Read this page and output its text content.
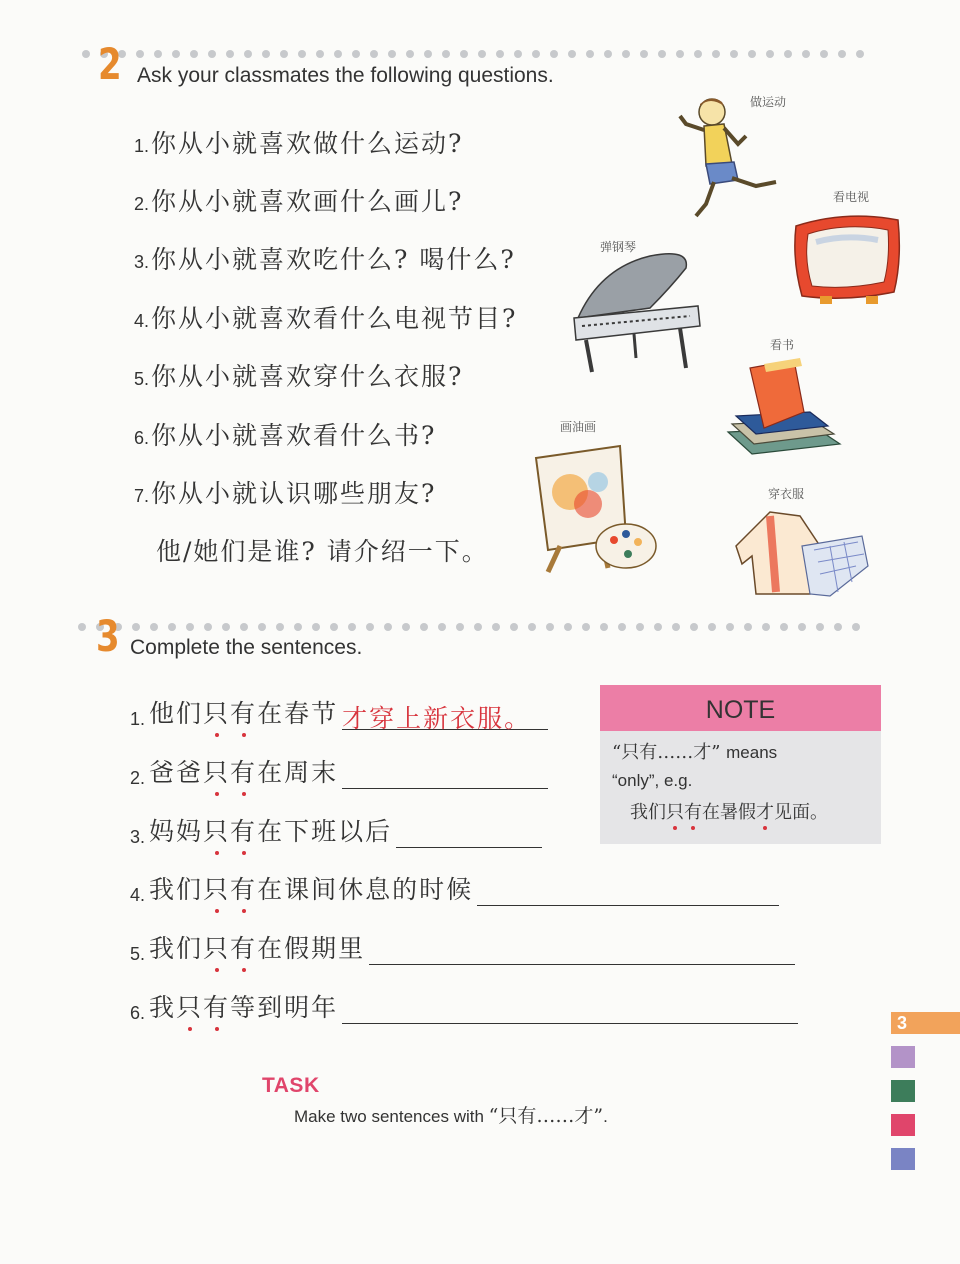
2 Ask your classmates the following questions.
1.你从小就喜欢做什么运动?
2.你从小就喜欢画什么画儿?
3.你从小就喜欢吃什么? 喝什么?
4.你从小就喜欢看什么电视节目?
5.你从小就喜欢穿什么衣服?
6.你从小就喜欢看什么书?
7.你从小就认识哪些朋友?
他/她们是谁? 请介绍一下。
做运动
看电视
弹钢琴
看书
画油画
穿衣服
3 Complete the sentences.
1. 他们 只 有 在春节 才穿上新衣服。
2. 爸爸 只 有 在周末
3. 妈妈 只 有 在下班以后
4. 我们 只 有 在课间休息的时候
5. 我们 只 有 在假期里
6. 我 只 有 等到明年
NOTE
“只有……才” means
“only”, e.g.
我们只有在暑假才见面。
TASK
Make two sentences with “只有……才”.
3
